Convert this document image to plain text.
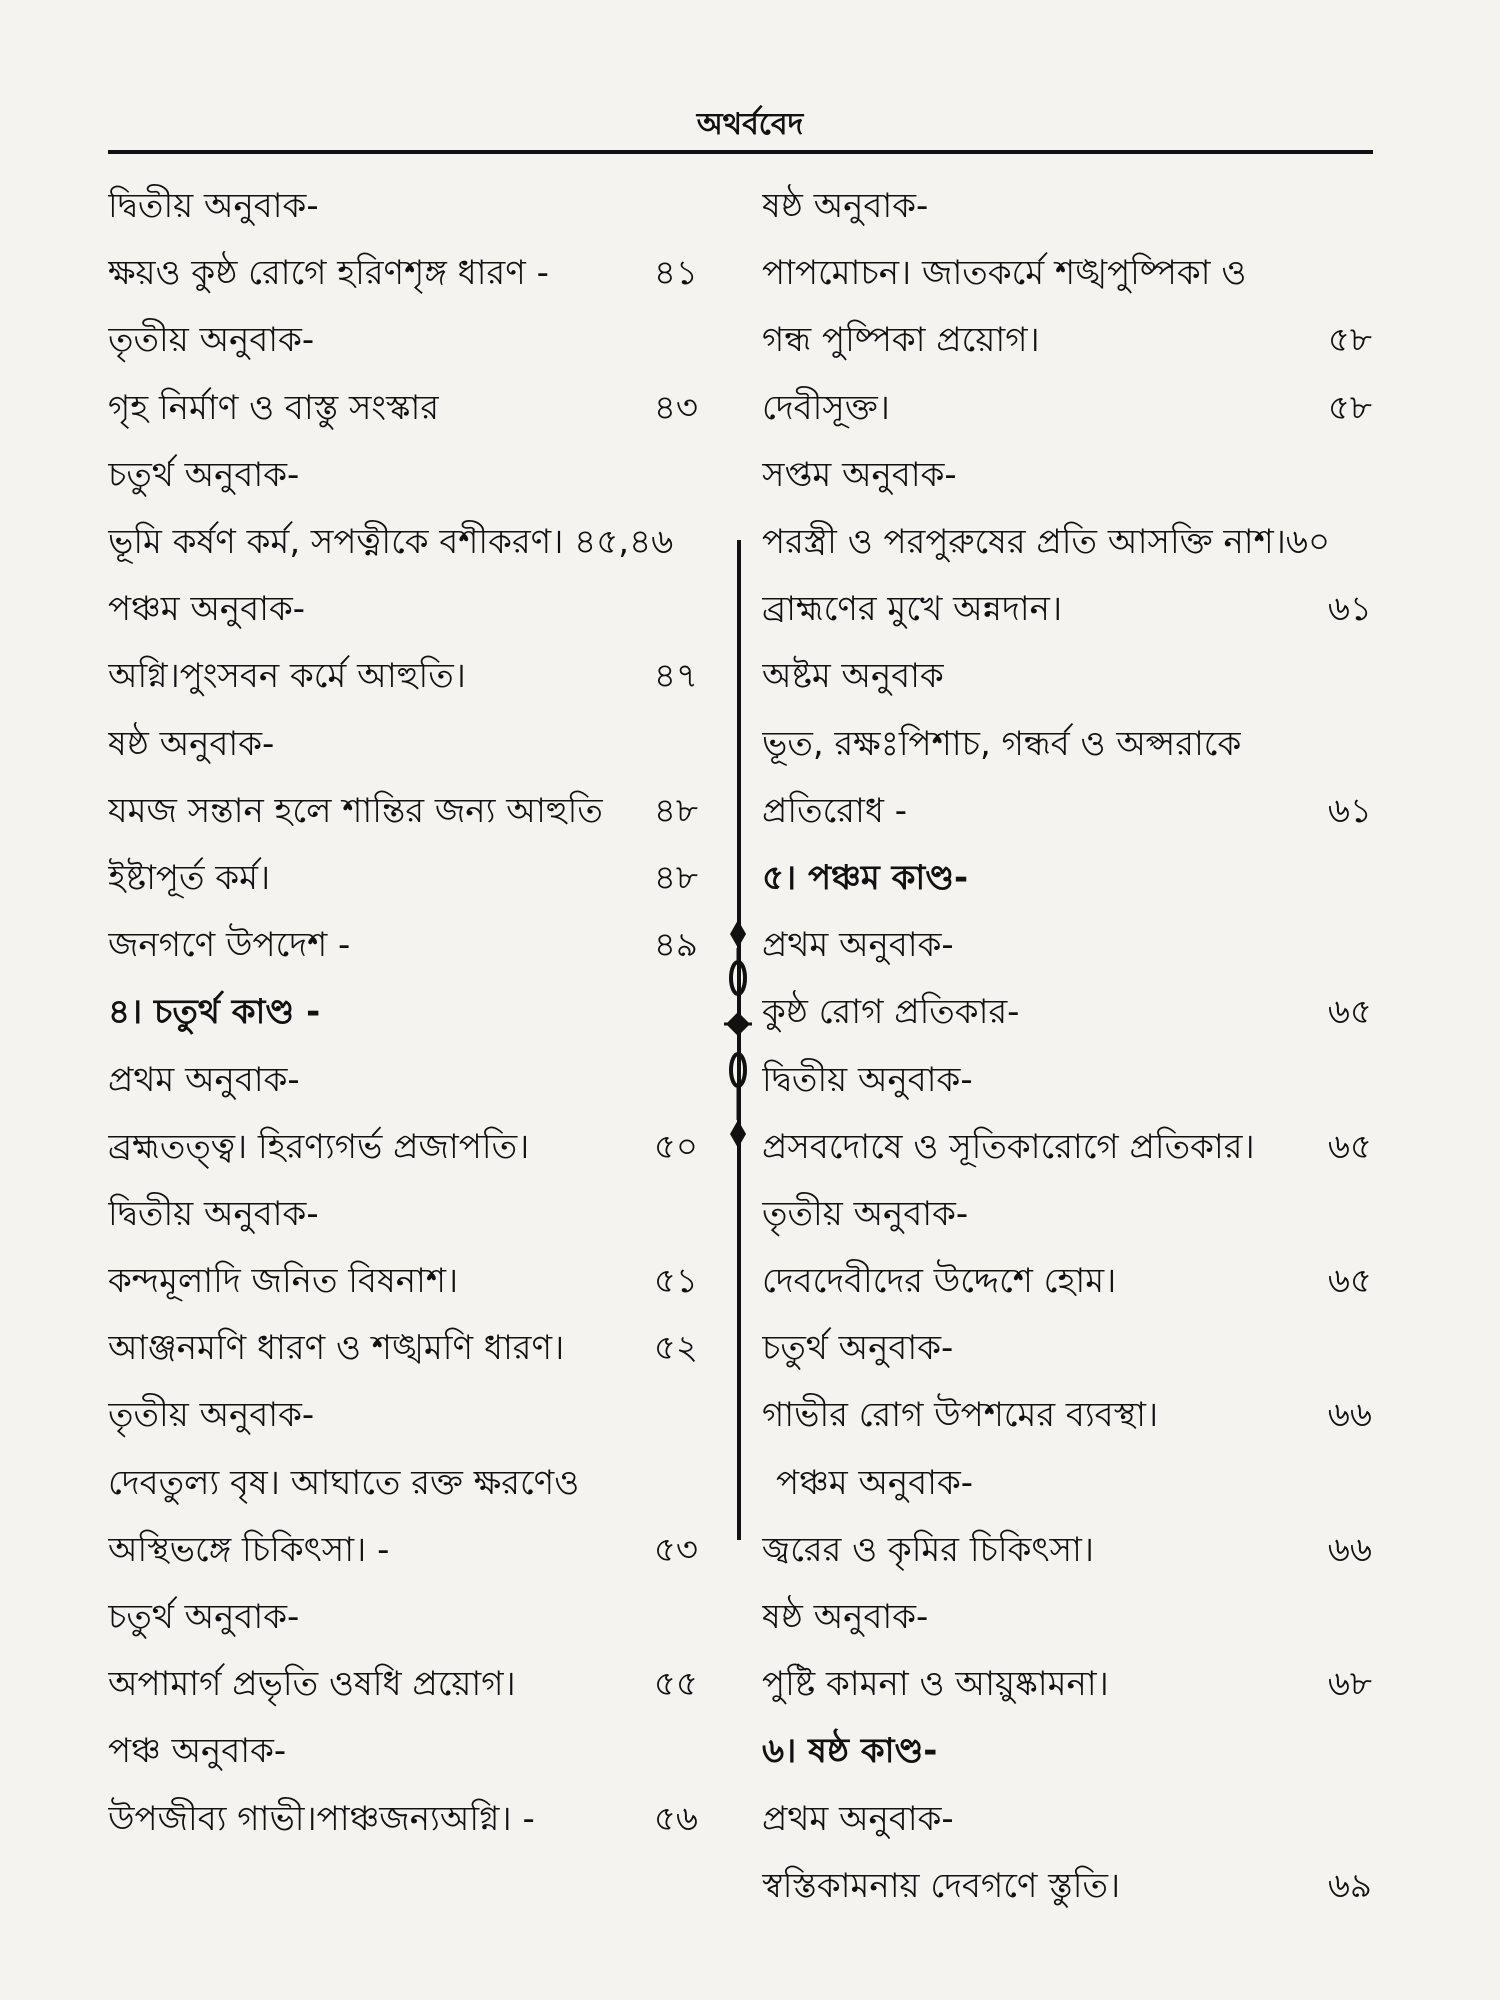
অথর্ববেদ
দ্বিতীয় অনুবাক-
ক্ষয়ও কুষ্ঠ রোগে হরিণশৃঙ্গ ধারণ -	৪১
তৃতীয় অনুবাক-
গৃহ নির্মাণ ও বাস্তু সংস্কার	৪৩
চতুর্থ অনুবাক-
ভূমি কর্ষণ কর্ম, সপত্নীকে বশীকরণ। ৪৫,৪৬
পঞ্চম অনুবাক-
অগ্নি।পুংসবন কর্মে আহুতি।	৪৭
ষষ্ঠ অনুবাক-
যমজ সন্তান হলে শান্তির জন্য আহুতি ৪৮
ইষ্টাপূর্ত কর্ম।	৪৮
জনগণে উপদেশ -	৪৯
৪। চতুর্থ কাণ্ড -
প্রথম অনুবাক-
ব্রহ্মতত্ত্ব। হিরণ্যগর্ভ প্রজাপতি।	৫০
দ্বিতীয় অনুবাক-
কন্দমূলাদি জনিত বিষনাশ।	৫১
আঞ্জনমণি ধারণ ও শঙ্খমণি ধারণ।	৫২
তৃতীয় অনুবাক-
দেবতুল্য বৃষ। আঘাতে রক্ত ক্ষরণেও
অস্থিভঙ্গে চিকিৎসা। -	৫৩
চতুর্থ অনুবাক-
অপামার্গ প্রভৃতি ওষধি প্রয়োগ।	৫৫
পঞ্চ অনুবাক-
উপজীব্য গাভী।পাঞ্চজন্যঅগ্নি। -	৫৬
ষষ্ঠ অনুবাক-
পাপমোচন। জাতকর্মে শঙ্খপুষ্পিকা ও
গন্ধ পুষ্পিকা প্রয়োগ।	৫৮
দেবীসূক্ত।	৫৮
সপ্তম অনুবাক-
পরস্ত্রী ও পরপুরুষের প্রতি আসক্তি নাশ।৬০
ব্রাহ্মণের মুখে অন্নদান।	৬১
অষ্টম অনুবাক
ভূত, রক্ষঃপিশাচ, গন্ধর্ব ও অপ্সরাকে
প্রতিরোধ -	৬১
৫। পঞ্চম কাণ্ড-
প্রথম অনুবাক-
কুষ্ঠ রোগ প্রতিকার-	৬৫
দ্বিতীয় অনুবাক-
প্রসবদোষে ও সূতিকারোগে প্রতিকার। ৬৫
তৃতীয় অনুবাক-
দেবদেবীদের উদ্দেশে হোম।	৬৫
চতুর্থ অনুবাক-
গাভীর রোগ উপশমের ব্যবস্থা।	৬৬
পঞ্চম অনুবাক-
জ্বরের ও কৃমির চিকিৎসা।	৬৬
ষষ্ঠ অনুবাক-
পুষ্টি কামনা ও আয়ুষ্কামনা।	৬৮
৬। ষষ্ঠ কাণ্ড-
প্রথম অনুবাক-
স্বস্তিকামনায় দেবগণে স্তুতি।	৬৯
